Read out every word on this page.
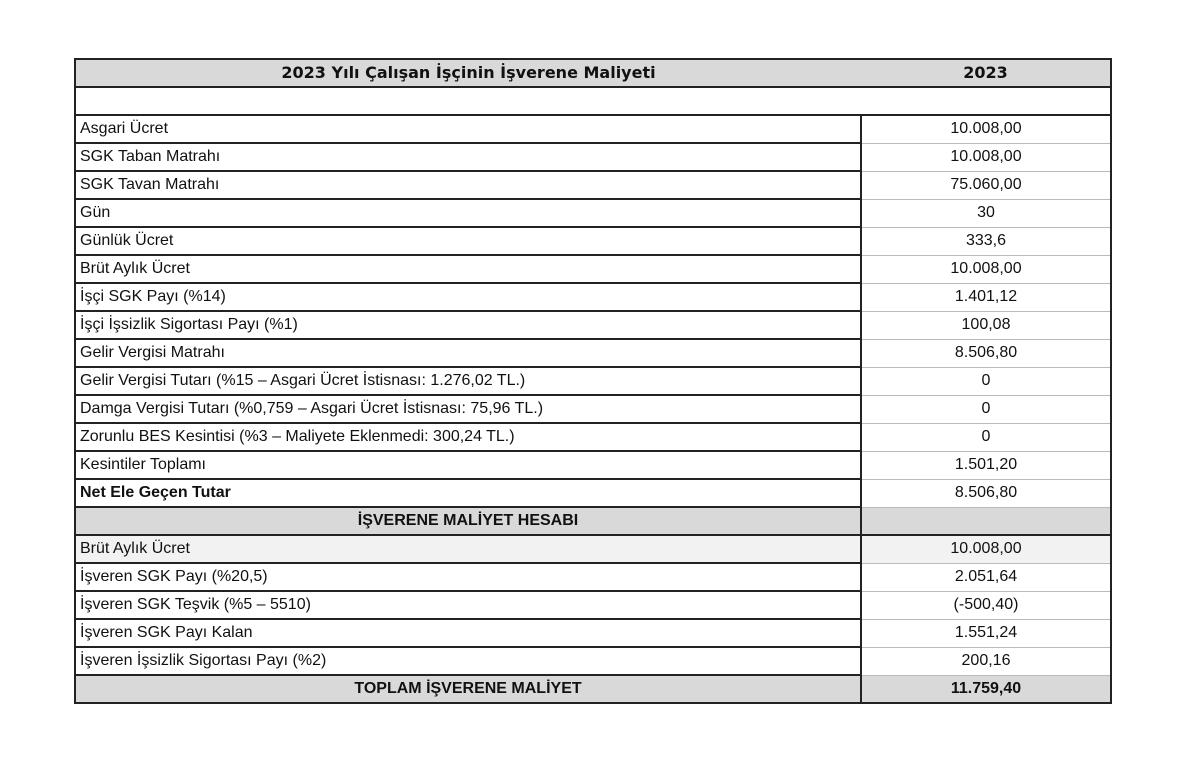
2023 Yılı Çalışan İşçinin İşverene Maliyeti	2023

Asgari Ücret	10.008,00
SGK Taban Matrahı	10.008,00
SGK Tavan Matrahı	75.060,00
Gün	30
Günlük Ücret	333,6
Brüt Aylık Ücret	10.008,00
İşçi SGK Payı (%14)	1.401,12
İşçi İşsizlik Sigortası Payı (%1)	100,08
Gelir Vergisi Matrahı	8.506,80
Gelir Vergisi Tutarı (%15 – Asgari Ücret İstisnası: 1.276,02 TL.)	0
Damga Vergisi Tutarı (%0,759 – Asgari Ücret İstisnası: 75,96 TL.)	0
Zorunlu BES Kesintisi (%3 – Maliyete Eklenmedi: 300,24 TL.)	0
Kesintiler Toplamı	1.501,20
Net Ele Geçen Tutar	8.506,80
İŞVERENE MALİYET HESABI	
Brüt Aylık Ücret	10.008,00
İşveren SGK Payı (%20,5)	2.051,64
İşveren SGK Teşvik (%5 – 5510)	(-500,40)
İşveren SGK Payı Kalan	1.551,24
İşveren İşsizlik Sigortası Payı (%2)	200,16
TOPLAM İŞVERENE MALİYET	11.759,40
